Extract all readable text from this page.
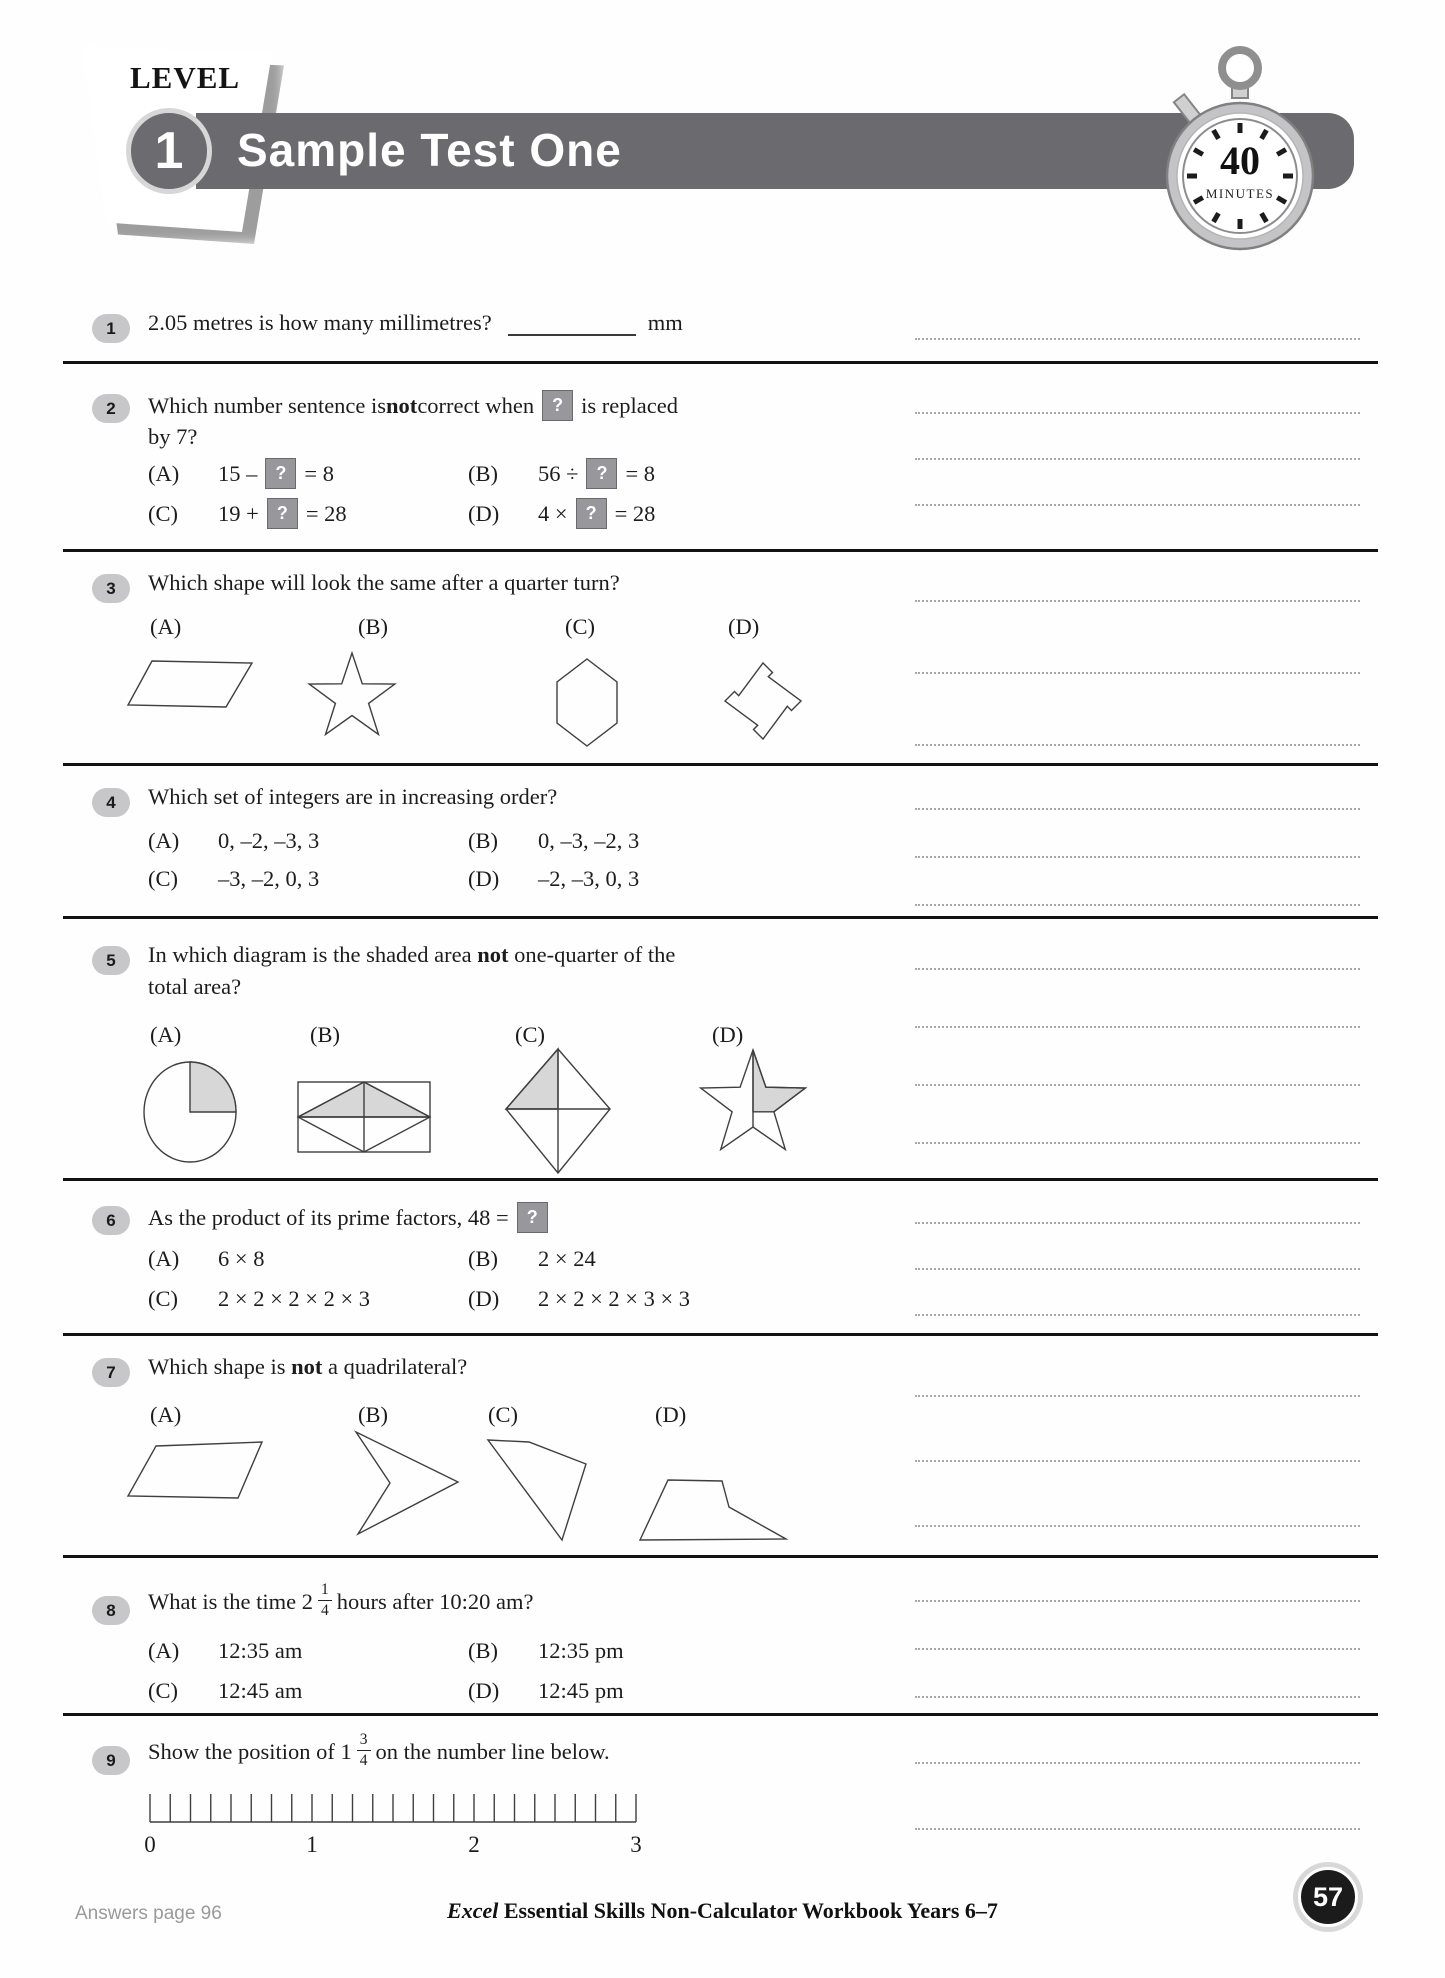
Sample Test One
LEVEL
1	40
MINUTES
1	2.05 metres is how many millimetres?	mm
2	Which number sentence is not correct when	? is replaced
by 7?
(A)	15 –	? = 8	(B)	56 ÷	? = 8
(C)	19 +	? = 28	(D)	4 ×	? = 28
3	Which shape will look the same after a quarter turn?
(A)	(B)	(C)	(D)
4	Which set of integers are in increasing order?
(A)	0, –2, –3, 3	(B)	0, –3, –2, 3
(C)	–3, –2, 0, 3	(D)	–2, –3, 0, 3
5	In which diagram is the shaded area not one-quarter of the
total area?
(A)	(B)	(C)	(D)
6	As the product of its prime factors, 48 =	?
(A)	6 × 8	(B)	2 × 24
(C)	2 × 2 × 2 × 2 × 3	(D)	2 × 2 × 2 × 3 × 3
7	Which shape is not a quadrilateral?
(A)	(B)	(C)	(D)
8	What is the time $2 \frac{1}{4}$ hours after 10:20 am?
(A)	12:35 am	(B)	12:35 pm
(C)	12:45 am	(D)	12:45 pm
9	Show the position of $1 \frac{3}{4}$ on the number line below.
0	1	2	3
Answers page 96	Excel Essential Skills Non-Calculator Workbook Years 6–7	57
